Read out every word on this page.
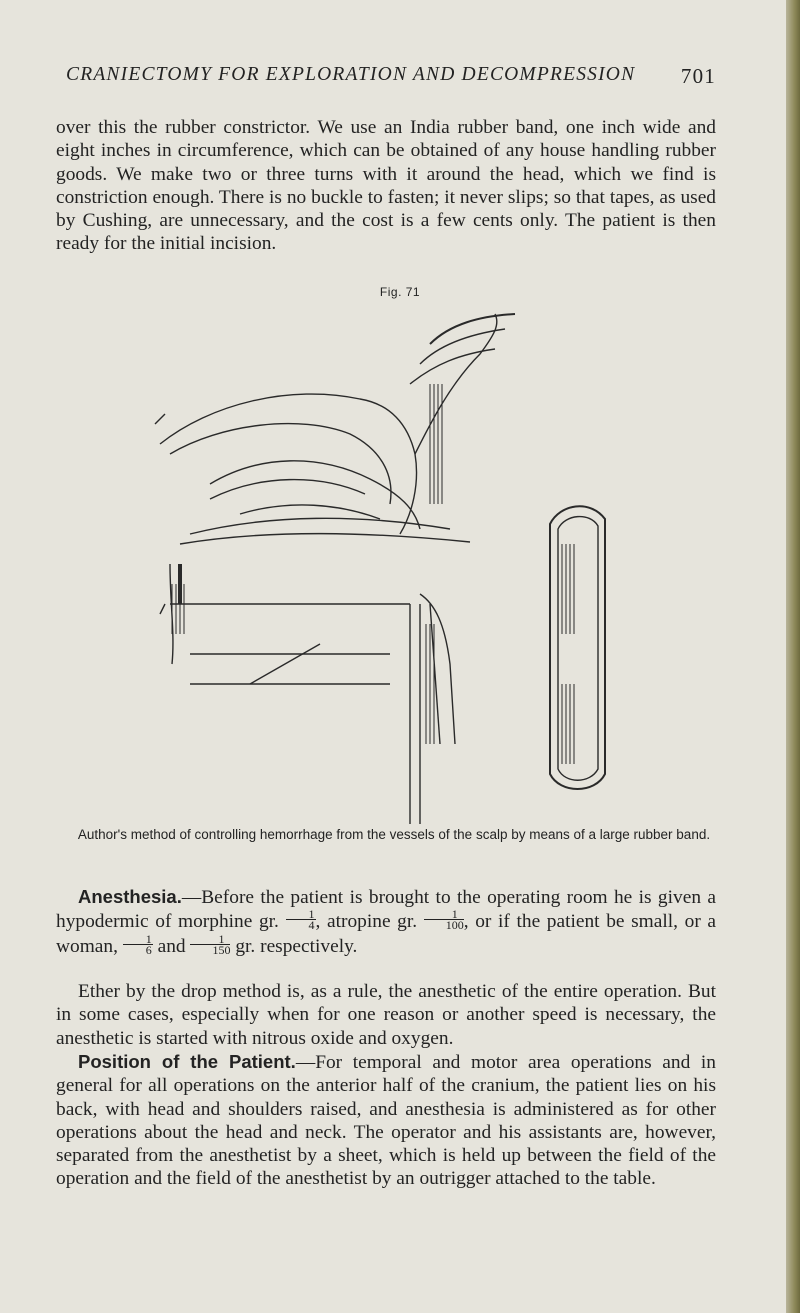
CRANIECTOMY FOR EXPLORATION AND DECOMPRESSION 701

over this the rubber constrictor. We use an India rubber band, one inch wide and eight inches in circumference, which can be obtained of any house handling rubber goods. We make two or three turns with it around the head, which we find is constriction enough. There is no buckle to fasten; it never slips; so that tapes, as used by Cushing, are unnecessary, and the cost is a few cents only. The patient is then ready for the initial incision.

Fig. 71
Author's method of controlling hemorrhage from the vessels of the scalp by means of a large rubber band.

Anesthesia.—Before the patient is brought to the operating room he is given a hypodermic of morphine gr. $\frac{1}{4}$ , atropine gr. $\frac{1}{100}$ , or if the patient be small, or a woman, $\frac{1}{6}$ and $\frac{1}{150}$ gr. respectively.

Ether by the drop method is, as a rule, the anesthetic of the entire operation. But in some cases, especially when for one reason or another speed is necessary, the anesthetic is started with nitrous oxide and oxygen.

Position of the Patient.—For temporal and motor area operations and in general for all operations on the anterior half of the cranium, the patient lies on his back, with head and shoulders raised, and anesthesia is administered as for other operations about the head and neck. The operator and his assistants are, however, separated from the anesthetist by a sheet, which is held up between the field of the operation and the field of the anesthetist by an outrigger attached to the table.
